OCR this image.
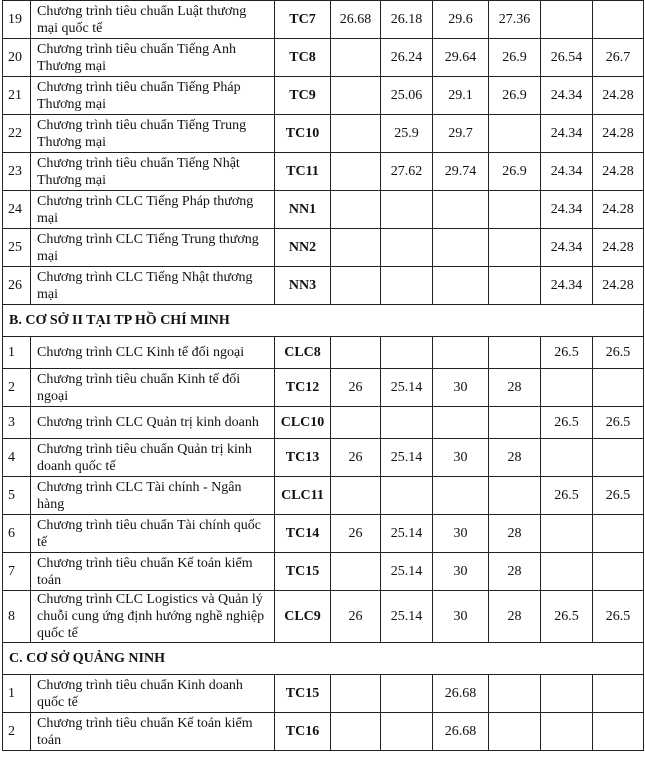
19	Chương trình tiêu chuẩn Luật thương mại quốc tế	TC7	26.68	26.18	29.6	27.36		
20	Chương trình tiêu chuẩn Tiếng Anh Thương mại	TC8		26.24	29.64	26.9	26.54	26.7
21	Chương trình tiêu chuẩn Tiếng Pháp Thương mại	TC9		25.06	29.1	26.9	24.34	24.28
22	Chương trình tiêu chuẩn Tiếng Trung Thương mại	TC10		25.9	29.7		24.34	24.28
23	Chương trình tiêu chuẩn Tiếng Nhật Thương mại	TC11		27.62	29.74	26.9	24.34	24.28
24	Chương trình CLC Tiếng Pháp thương mại	NN1					24.34	24.28
25	Chương trình CLC Tiếng Trung thương mại	NN2					24.34	24.28
26	Chương trình CLC Tiếng Nhật thương mại	NN3					24.34	24.28
B. CƠ SỞ II TẠI TP HỒ CHÍ MINH								
1	Chương trình CLC Kinh tế đối ngoại	CLC8					26.5	26.5
2	Chương trình tiêu chuẩn Kinh tế đối ngoại	TC12	26	25.14	30	28		
3	Chương trình CLC Quản trị kinh doanh	CLC10					26.5	26.5
4	Chương trình tiêu chuẩn Quản trị kinh doanh quốc tế	TC13	26	25.14	30	28		
5	Chương trình CLC Tài chính - Ngân hàng	CLC11					26.5	26.5
6	Chương trình tiêu chuẩn Tài chính quốc tế	TC14	26	25.14	30	28		
7	Chương trình tiêu chuẩn Kế toán kiểm toán	TC15		25.14	30	28		
8	Chương trình CLC Logistics và Quản lý chuỗi cung ứng định hướng nghề nghiệp quốc tế	CLC9	26	25.14	30	28	26.5	26.5
C. CƠ SỞ QUẢNG NINH								
1	Chương trình tiêu chuẩn Kinh doanh quốc tế	TC15			26.68			
2	Chương trình tiêu chuẩn Kế toán kiểm toán	TC16			26.68			
